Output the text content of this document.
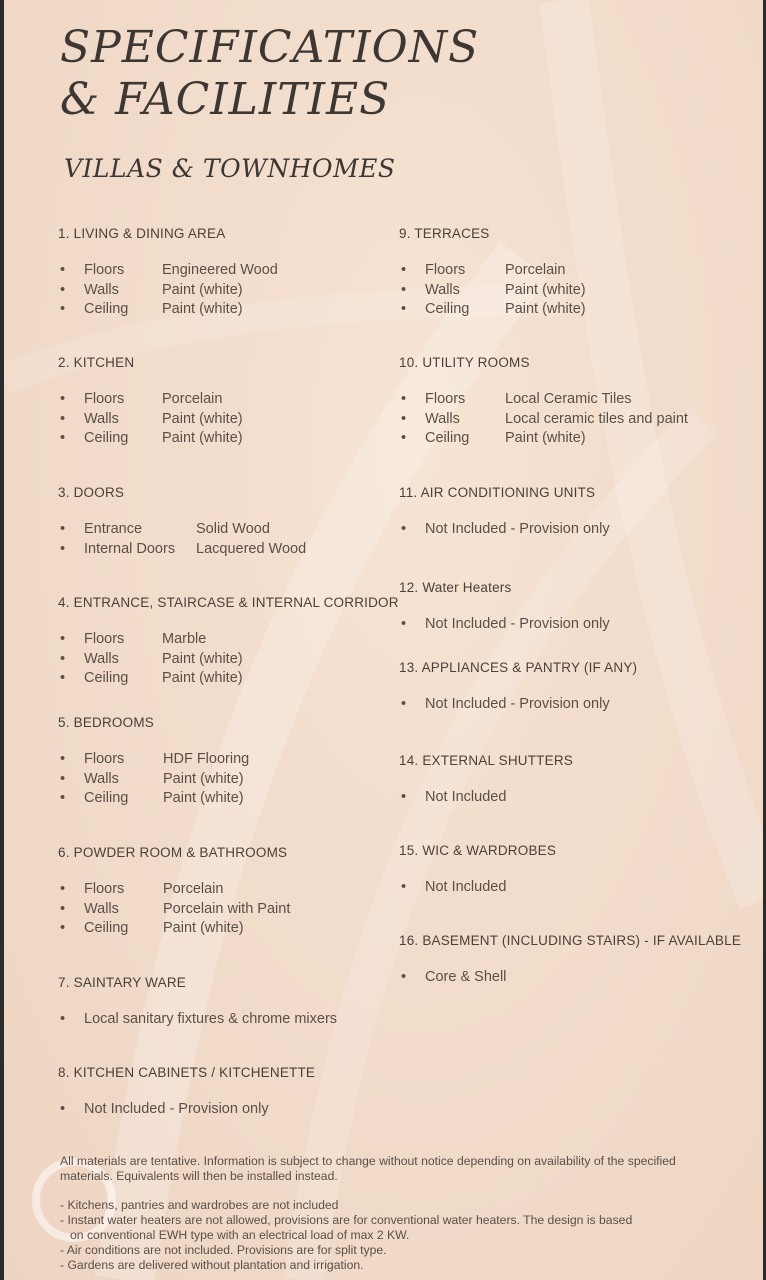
SPECIFICATIONS
& FACILITIES
VILLAS & TOWNHOMES
1. LIVING & DINING AREA
• Floors	Engineered Wood
• Walls	Paint (white)
• Ceiling Paint (white)
2. KITCHEN
• Floors	Porcelain
• Walls	Paint (white)
• Ceiling Paint (white)
3. DOORS
• Entrance	Solid Wood
• Internal Doors Lacquered Wood
4. ENTRANCE, STAIRCASE & INTERNAL CORRIDOR
• Floors	Marble
• Walls	Paint (white)
• Ceiling Paint (white)
5. BEDROOMS
• Floors	HDF Flooring
• Walls	Paint (white)
• Ceiling Paint (white)
6. POWDER ROOM & BATHROOMS
• Floors	Porcelain
• Walls	Porcelain with Paint
• Ceiling Paint (white)
7. SAINTARY WARE
• Local sanitary fixtures & chrome mixers
8. KITCHEN CABINETS / KITCHENETTE
• Not Included - Provision only
9. TERRACES
• Floors	Porcelain
• Walls	Paint (white)
• Ceiling Paint (white)
10. UTILITY ROOMS
• Floors	Local Ceramic Tiles
• Walls	Local ceramic tiles and paint
• Ceiling Paint (white)
11. AIR CONDITIONING UNITS
• Not Included - Provision only
12. Water Heaters
• Not Included - Provision only
13. APPLIANCES & PANTRY (IF ANY)
• Not Included - Provision only
14. EXTERNAL SHUTTERS
• Not Included
15. WIC & WARDROBES
• Not Included
16. BASEMENT (INCLUDING STAIRS) - IF AVAILABLE
• Core & Shell

All materials are tentative. Information is subject to change without notice depending on availability of the specified materials. Equivalents will then be installed instead.

- Kitchens, pantries and wardrobes are not included
- Instant water heaters are not allowed, provisions are for conventional water heaters. The design is based
on conventional EWH type with an electrical load of max 2 KW.
- Air conditions are not included. Provisions are for split type.
- Gardens are delivered without plantation and irrigation.
